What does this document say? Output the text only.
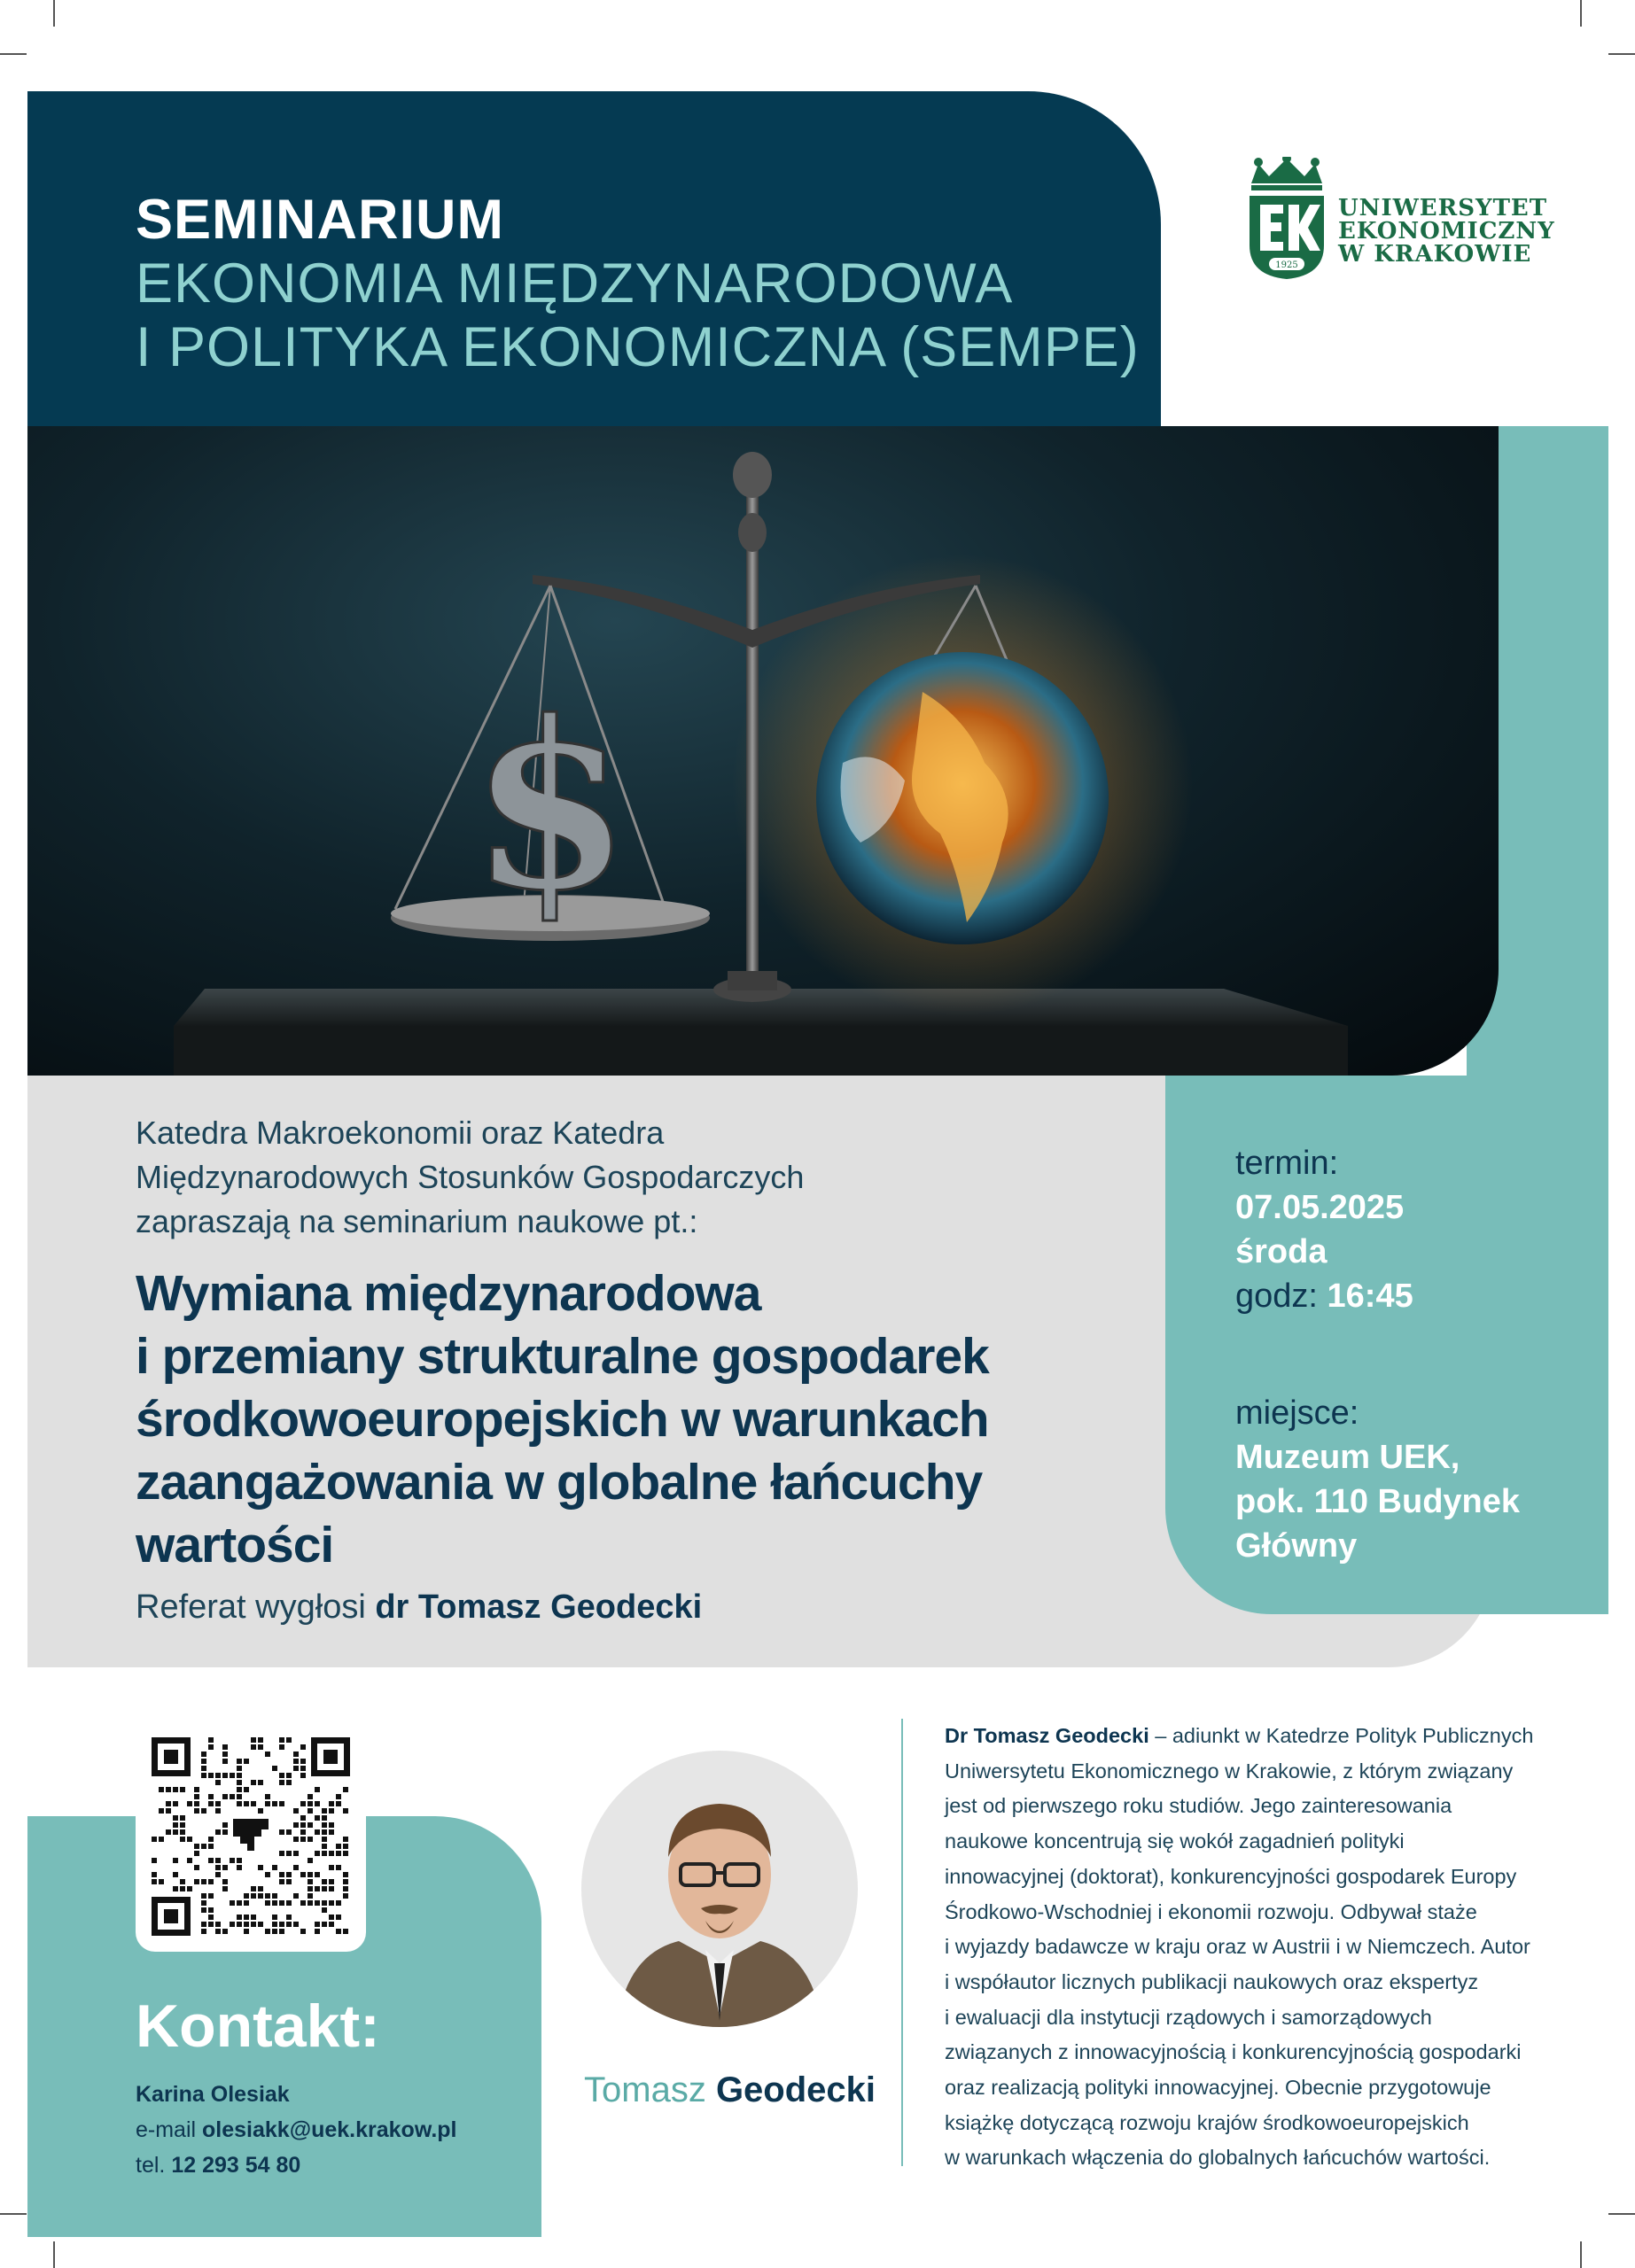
SEMINARIUM
EKONOMIA MIĘDZYNARODOWA
I POLITYKA EKONOMICZNA (SEMPE)
1925
UNIWERSYTET
EKONOMICZNY
W KRAKOWIE
$
Katedra Makroekonomii oraz Katedra
Międzynarodowych Stosunków Gospodarczych
zapraszają na seminarium naukowe pt.:
Wymiana międzynarodowa
i przemiany strukturalne gospodarek
środkowoeuropejskich w warunkach
zaangażowania w globalne łańcuchy
wartości
Referat wygłosi dr Tomasz Geodecki
termin:
07.05.2025
środa
godz: 16:45
miejsce:
Muzeum UEK,
pok. 110 Budynek
Główny
Kontakt:
Karina Olesiak
e-mail olesiakk@uek.krakow.pl
tel. 12 293 54 80
Tomasz Geodecki
Dr Tomasz Geodecki – adiunkt w Katedrze Polityk Publicznych
Uniwersytetu Ekonomicznego w Krakowie, z którym związany
jest od pierwszego roku studiów. Jego zainteresowania
naukowe koncentrują się wokół zagadnień polityki
innowacyjnej (doktorat), konkurencyjności gospodarek Europy
Środkowo-Wschodniej i ekonomii rozwoju. Odbywał staże
i wyjazdy badawcze w kraju oraz w Austrii i w Niemczech. Autor
i współautor licznych publikacji naukowych oraz ekspertyz
i ewaluacji dla instytucji rządowych i samorządowych
związanych z innowacyjnością i konkurencyjnością gospodarki
oraz realizacją polityki innowacyjnej. Obecnie przygotowuje
książkę dotyczącą rozwoju krajów środkowoeuropejskich
w warunkach włączenia do globalnych łańcuchów wartości.
